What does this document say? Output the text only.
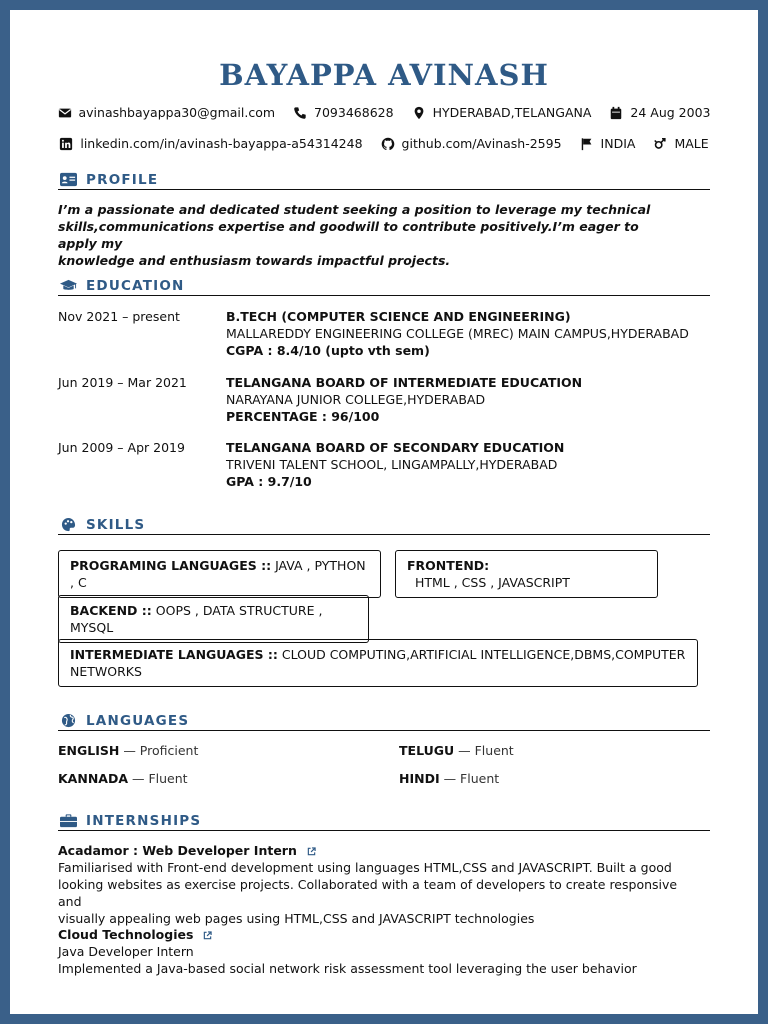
BAYAPPA AVINASH
avinashbayappa30@gmail.com	7093468628	HYDERABAD,TELANGANA	24 Aug 2003
linkedin.com/in/avinash-bayappa-a54314248	github.com/Avinash-2595	INDIA	MALE
PROFILE
I’m a passionate and dedicated student seeking a position to leverage my technical
skills,communications expertise and goodwill to contribute positively.I’m eager to apply my
knowledge and enthusiasm towards impactful projects.
EDUCATION
Nov 2021 – present	B.TECH (COMPUTER SCIENCE AND ENGINEERING)
MALLAREDDY ENGINEERING COLLEGE (MREC) MAIN CAMPUS,HYDERABAD
CGPA : 8.4/10 (upto vth sem)
Jun 2019 – Mar 2021	TELANGANA BOARD OF INTERMEDIATE EDUCATION
NARAYANA JUNIOR COLLEGE,HYDERABAD
PERCENTAGE : 96/100
Jun 2009 – Apr 2019	TELANGANA BOARD OF SECONDARY EDUCATION
TRIVENI TALENT SCHOOL, LINGAMPALLY,HYDERABAD
GPA : 9.7/10
SKILLS
PROGRAMING LANGUAGES :: JAVA , PYTHON , C
FRONTEND:  HTML , CSS , JAVASCRIPT
BACKEND :: OOPS , DATA STRUCTURE , MYSQL
INTERMEDIATE LANGUAGES :: CLOUD COMPUTING,ARTIFICIAL INTELLIGENCE,DBMS,COMPUTER
NETWORKS
LANGUAGES
ENGLISH — Proficient	TELUGU — Fluent
KANNADA — Fluent	HINDI — Fluent
INTERNSHIPS
Acadamor : Web Developer Intern
Familiarised with Front-end development using languages HTML,CSS and JAVASCRIPT. Built a good
looking websites as exercise projects. Collaborated with a team of developers to create responsive and
visually appealing web pages using HTML,CSS and JAVASCRIPT technologies
Cloud Technologies
Java Developer Intern
Implemented a Java-based social network risk assessment tool leveraging the user behavior
